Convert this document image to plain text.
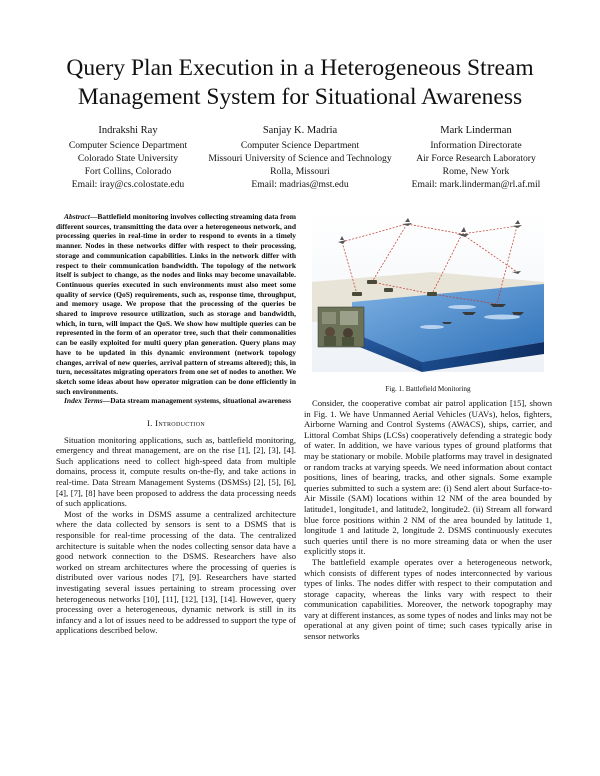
Query Plan Execution in a Heterogeneous Stream
Management System for Situational Awareness
Indrakshi Ray
Computer Science Department
Colorado State University
Fort Collins, Colorado
Email: iray@cs.colostate.edu
Sanjay K. Madria
Computer Science Department
Missouri University of Science and Technology
Rolla, Missouri
Email: madrias@mst.edu
Mark Linderman
Information Directorate
Air Force Research Laboratory
Rome, New York
Email: mark.linderman@rl.af.mil

Abstract—Battlefield monitoring involves collecting streaming data from different sources, transmitting the data over a heterogeneous network, and processing queries in real-time in order to respond to events in a timely manner. Nodes in these networks differ with respect to their processing, storage and communication capabilities. Links in the network differ with respect to their communication bandwidth. The topology of the network itself is subject to change, as the nodes and links may become unavailable. Continuous queries executed in such environments must also meet some quality of service (QoS) requirements, such as, response time, throughput, and memory usage. We propose that the processing of the queries be shared to improve resource utilization, such as storage and bandwidth, which, in turn, will impact the QoS. We show how multiple queries can be represented in the form of an operator tree, such that their commonalities can be easily exploited for multi query plan generation. Query plans may have to be updated in this dynamic environment (network topology changes, arrival of new queries, arrival pattern of streams altered); this, in turn, necessitates migrating operators from one set of nodes to another. We sketch some ideas about how operator migration can be done efficiently in such environments.

Index Terms—Data stream management systems, situational awareness

I. Introduction

Situation monitoring applications, such as, battlefield monitoring, emergency and threat management, are on the rise [1], [2], [3], [4]. Such applications need to collect high-speed data from multiple domains, process it, compute results on-the-fly, and take actions in real-time. Data Stream Management Systems (DSMSs) [2], [5], [6], [4], [7], [8] have been proposed to address the data processing needs of such applications.

Most of the works in DSMS assume a centralized architecture where the data collected by sensors is sent to a DSMS that is responsible for real-time processing of the data. The centralized architecture is suitable when the nodes collecting sensor data have a good network connection to the DSMS. Researchers have also worked on stream architectures where the processing of queries is distributed over various nodes [7], [9]. Researchers have started investigating several issues pertaining to stream processing over heterogeneous networks [10], [11], [12], [13], [14]. However, query processing over a heterogeneous, dynamic network is still in its infancy and a lot of issues need to be addressed to support the type of applications described below.

Fig. 1. Battlefield Monitoring

Consider, the cooperative combat air patrol application [15], shown in Fig. 1. We have Unmanned Aerial Vehicles (UAVs), helos, fighters, Airborne Warning and Control Systems (AWACS), ships, carrier, and Littoral Combat Ships (LCSs) cooperatively defending a strategic body of water. In addition, we have various types of ground platforms that may be stationary or mobile. Mobile platforms may travel in designated or random tracks at varying speeds. We need information about contact positions, lines of bearing, tracks, and other signals. Some example queries submitted to such a system are: (i) Send alert about Surface-to-Air Missile (SAM) locations within 12 NM of the area bounded by latitude1, longitude1, and latitude2, longitude2. (ii) Stream all forward blue force positions within 2 NM of the area bounded by latitude 1, longitude 1 and latitude 2, longitude 2. DSMS continuously executes such queries until there is no more streaming data or when the user explicitly stops it.

The battlefield example operates over a heterogeneous network, which consists of different types of nodes interconnected by various types of links. The nodes differ with respect to their computation and storage capacity, whereas the links vary with respect to their communication capabilities. Moreover, the network topography may vary at different instances, as some types of nodes and links may not be operational at any given point of time; such cases typically arise in sensor networks
